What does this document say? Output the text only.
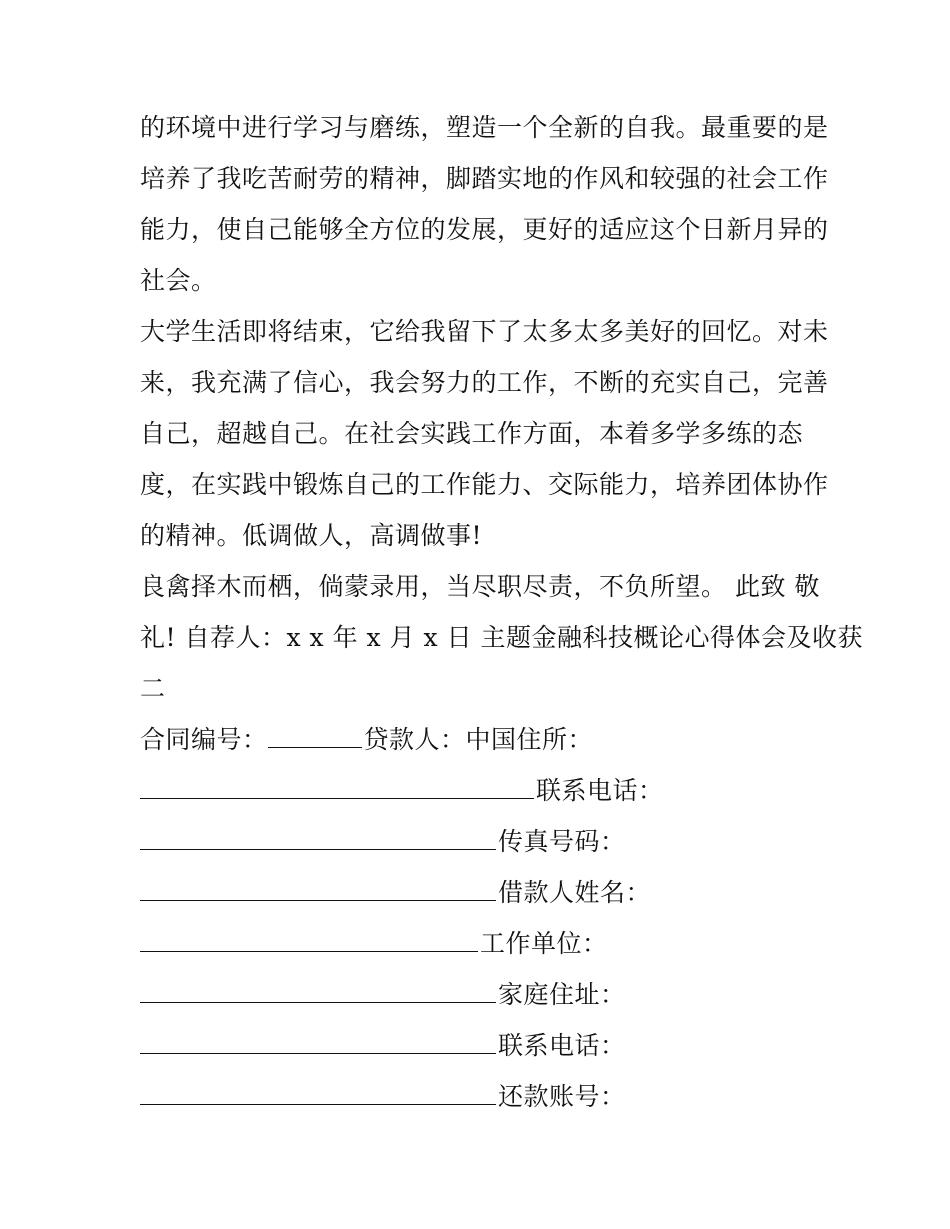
的环境中进行学习与磨练，塑造一个全新的自我。最重要的是
培养了我吃苦耐劳的精神，脚踏实地的作风和较强的社会工作
能力，使自己能够全方位的发展，更好的适应这个日新月异的
社会。
大学生活即将结束，它给我留下了太多太多美好的回忆。对未
来，我充满了信心，我会努力的工作，不断的充实自己，完善
自己，超越自己。在社会实践工作方面，本着多学多练的态
度，在实践中锻炼自己的工作能力、交际能力，培养团体协作
的精神。低调做人，高调做事!
良禽择木而栖，倘蒙录用，当尽职尽责，不负所望。 此致 敬
礼! 自荐人：x x 年 x 月 x 日 主题金融科技概论心得体会及收获
二
合同编号：	贷款人：中国住所：
联系电话：
传真号码：
借款人姓名：
工作单位：
家庭住址：
联系电话：
还款账号：
